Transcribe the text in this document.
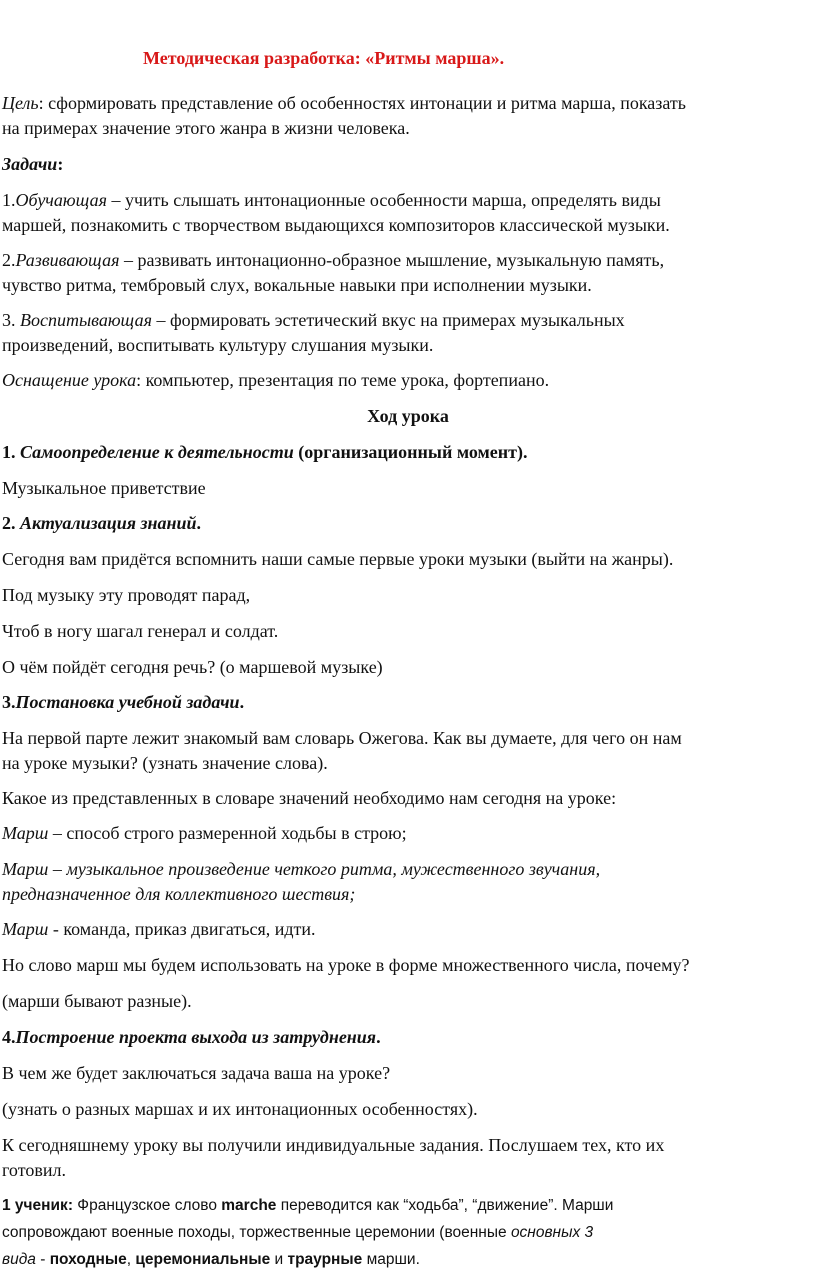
Методическая разработка: «Ритмы марша».
Цель: сформировать представление об особенностях интонации и ритма марша, показать
на примерах значение этого жанра в жизни человека.
Задачи:
1.Обучающая – учить слышать интонационные особенности марша, определять виды
маршей, познакомить с творчеством выдающихся композиторов классической музыки.
2.Развивающая – развивать интонационно-образное мышление, музыкальную память,
чувство ритма, тембровый слух, вокальные навыки при исполнении музыки.
3. Воспитывающая – формировать эстетический вкус на примерах музыкальных
произведений, воспитывать культуру слушания музыки.
Оснащение урока: компьютер, презентация по теме урока, фортепиано.
Ход урока
1. Самоопределение к деятельности (организационный момент).
Музыкальное приветствие
2. Актуализация знаний.
Сегодня вам придётся вспомнить наши самые первые уроки музыки (выйти на жанры).
Под музыку эту проводят парад,
Чтоб в ногу шагал генерал и солдат.
О чём пойдёт сегодня речь? (о маршевой музыке)
3.Постановка учебной задачи.
На первой парте лежит знакомый вам словарь Ожегова. Как вы думаете, для чего он нам
на уроке музыки? (узнать значение слова).
Какое из представленных в словаре значений необходимо нам сегодня на уроке:
Марш – способ строго размеренной ходьбы в строю;
Марш – музыкальное произведение четкого ритма, мужественного звучания,
предназначенное для коллективного шествия;
Марш - команда, приказ двигаться, идти.
Но слово марш мы будем использовать на уроке в форме множественного числа, почему?
(марши бывают разные).
4.Построение проекта выхода из затруднения.
В чем же будет заключаться задача ваша на уроке?
(узнать о разных маршах и их интонационных особенностях).
К сегодняшнему уроку вы получили индивидуальные задания. Послушаем тех, кто их
готовил.
1 ученик: Французское слово marche переводится как “ходьба”, “движение”. Марши
сопровождают военные походы, торжественные церемонии (военные основных 3
вида - походные, церемониальные и траурные марши.
